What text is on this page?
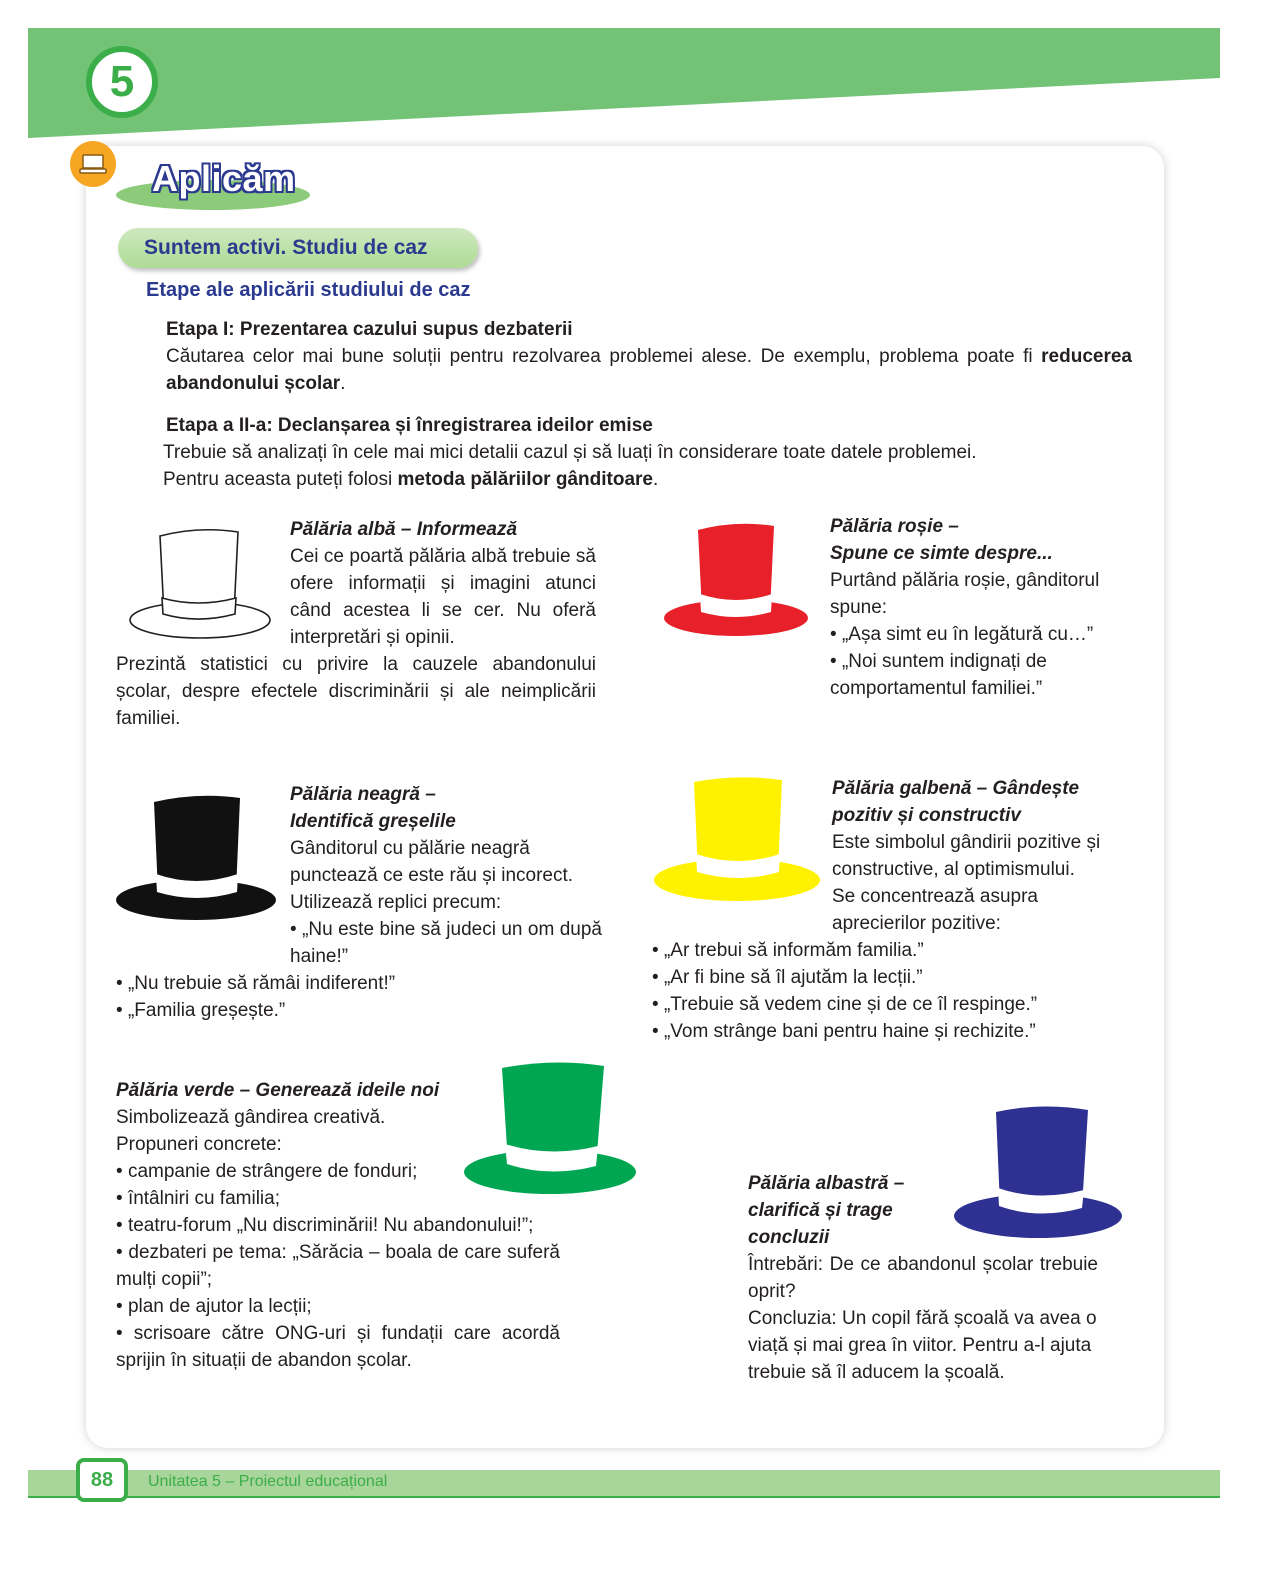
5
Aplicăm
Suntem activi. Studiu de caz
Etape ale aplicării studiului de caz
Etapa I: Prezentarea cazului supus dezbaterii
Căutarea celor mai bune soluții pentru rezolvarea problemei alese. De exemplu, problema poate fi reducerea abandonului școlar.
Etapa a II-a: Declanșarea și înregistrarea ideilor emise
Trebuie să analizați în cele mai mici detalii cazul și să luați în considerare toate datele problemei.
Pentru aceasta puteți folosi metoda pălăriilor gânditoare.
Pălăria albă – Informează
Cei ce poartă pălăria albă trebuie să ofere informații și imagini atunci când acestea li se cer. Nu oferă interpretări și opinii.
Prezintă statistici cu privire la cauzele abandonului școlar, despre efectele discriminării și ale neimplicării familiei.
Pălăria roșie –
Spune ce simte despre...
Purtând pălăria roșie, gânditorul spune:
• „Așa simt eu în legătură cu…”
• „Noi suntem indignați de comportamentul familiei.”
Pălăria neagră –
Identifică greșelile
Gânditorul cu pălărie neagră punctează ce este rău și incorect.
Utilizează replici precum:
• „Nu este bine să judeci un om după haine!”
• „Nu trebuie să rămâi indiferent!”
• „Familia greșește.”
Pălăria galbenă – Gândește
pozitiv și constructiv
Este simbolul gândirii pozitive și constructive, al optimismului.
Se concentrează asupra aprecierilor pozitive:
• „Ar trebui să informăm familia.”
• „Ar fi bine să îl ajutăm la lecții.”
• „Trebuie să vedem cine și de ce îl respinge.”
• „Vom strânge bani pentru haine și rechizite.”
Pălăria verde – Generează ideile noi
Simbolizează gândirea creativă.
Propuneri concrete:
• campanie de strângere de fonduri;
• întâlniri cu familia;
• teatru-forum „Nu discriminării! Nu abandonului!”;
• dezbateri pe tema: „Sărăcia – boala de care suferă mulți copii”;
• plan de ajutor la lecții;
• scrisoare către ONG-uri și fundații care acordă sprijin în situații de abandon școlar.
Pălăria albastră –
clarifică și trage
concluzii
Întrebări: De ce abandonul școlar trebuie oprit?
Concluzia: Un copil fără școală va avea o viață și mai grea în viitor. Pentru a-l ajuta trebuie să îl aducem la școală.
88 Unitatea 5 – Proiectul educațional
